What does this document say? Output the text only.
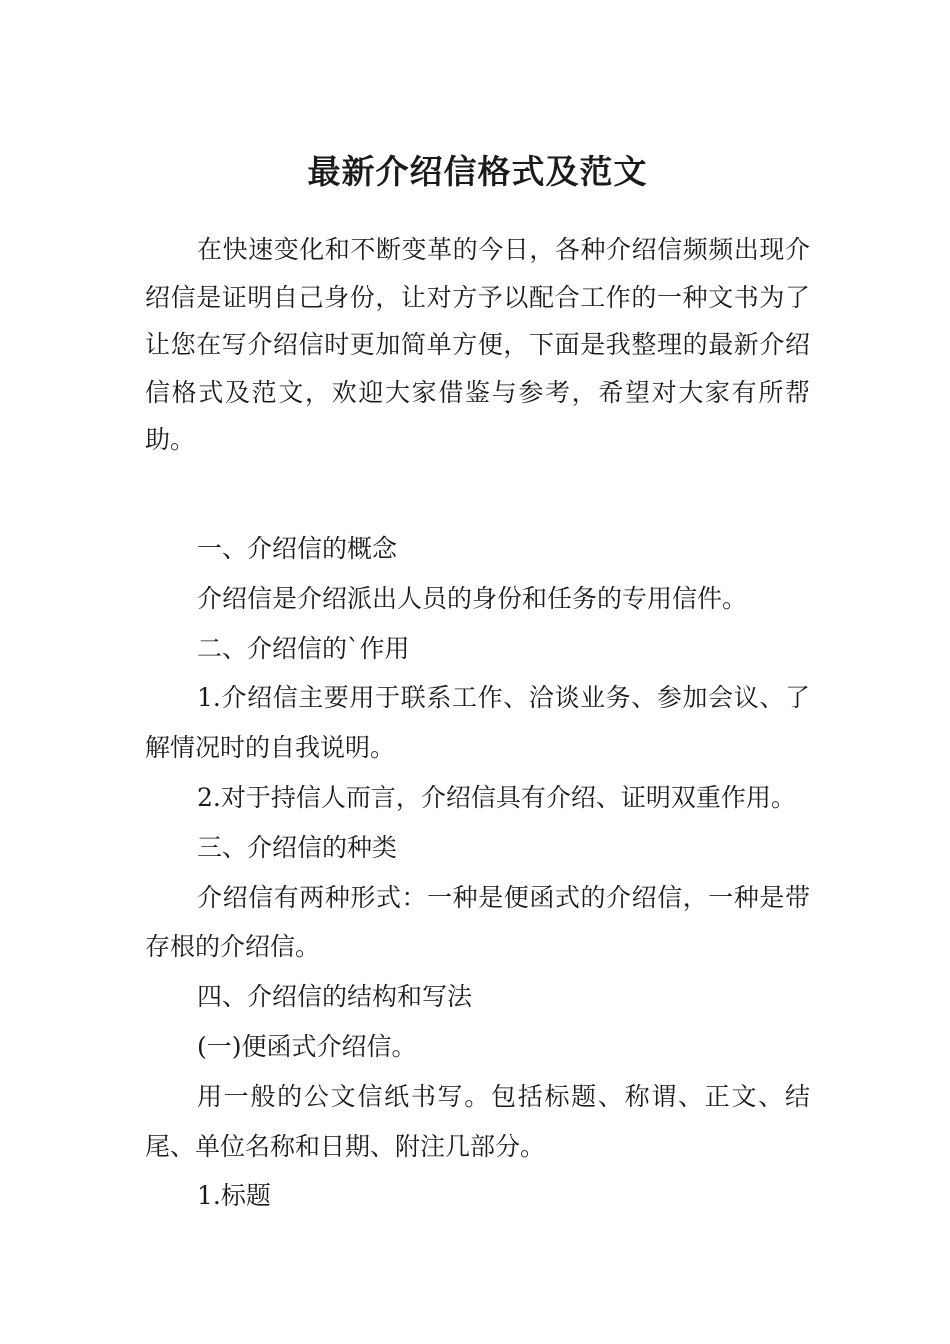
最新介绍信格式及范文

在快速变化和不断变革的今日，各种介绍信频频出现介绍信是证明自己身份，让对方予以配合工作的一种文书为了让您在写介绍信时更加简单方便，下面是我整理的最新介绍信格式及范文，欢迎大家借鉴与参考，希望对大家有所帮助。

一、介绍信的概念

介绍信是介绍派出人员的身份和任务的专用信件。

二、介绍信的`作用

1.介绍信主要用于联系工作、洽谈业务、参加会议、了解情况时的自我说明。

2.对于持信人而言，介绍信具有介绍、证明双重作用。

三、介绍信的种类

介绍信有两种形式：一种是便函式的介绍信，一种是带存根的介绍信。

四、介绍信的结构和写法

(一)便函式介绍信。

用一般的公文信纸书写。包括标题、称谓、正文、结尾、单位名称和日期、附注几部分。

1.标题
